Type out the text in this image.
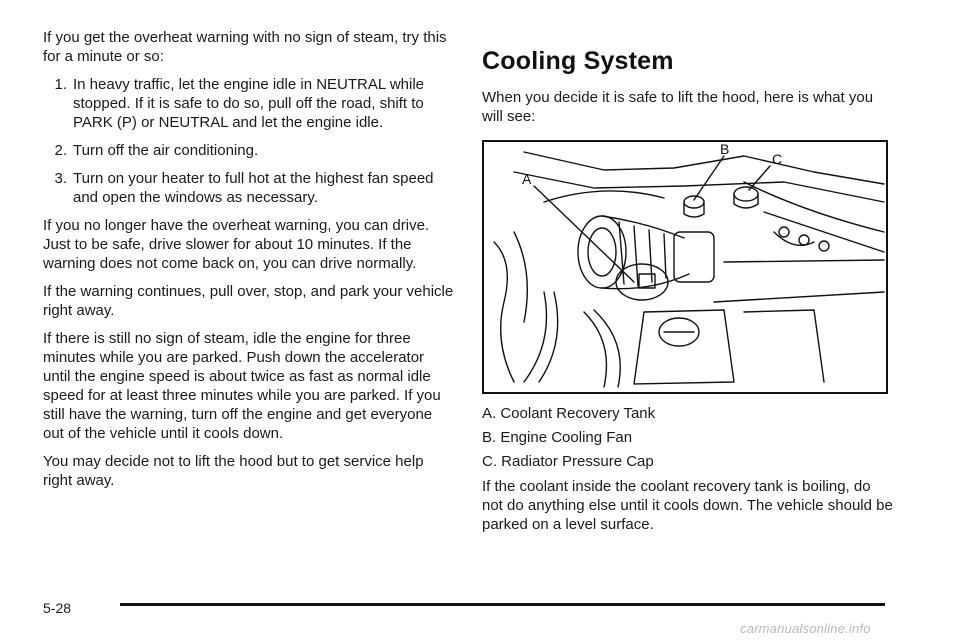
If you get the overheat warning with no sign of steam, try this for a minute or so:

1. In heavy traffic, let the engine idle in NEUTRAL while stopped. If it is safe to do so, pull off the road, shift to PARK (P) or NEUTRAL and let the engine idle.
2. Turn off the air conditioning.
3. Turn on your heater to full hot at the highest fan speed and open the windows as necessary.

If you no longer have the overheat warning, you can drive. Just to be safe, drive slower for about 10 minutes. If the warning does not come back on, you can drive normally.

If the warning continues, pull over, stop, and park your vehicle right away.

If there is still no sign of steam, idle the engine for three minutes while you are parked. Push down the accelerator until the engine speed is about twice as fast as normal idle speed for at least three minutes while you are parked. If you still have the warning, turn off the engine and get everyone out of the vehicle until it cools down.

You may decide not to lift the hood but to get service help right away.

Cooling System

When you decide it is safe to lift the hood, here is what you will see:

A
B
C

A. Coolant Recovery Tank

B. Engine Cooling Fan

C. Radiator Pressure Cap

If the coolant inside the coolant recovery tank is boiling, do not do anything else until it cools down. The vehicle should be parked on a level surface.

5-28
carmanualsonline.info
